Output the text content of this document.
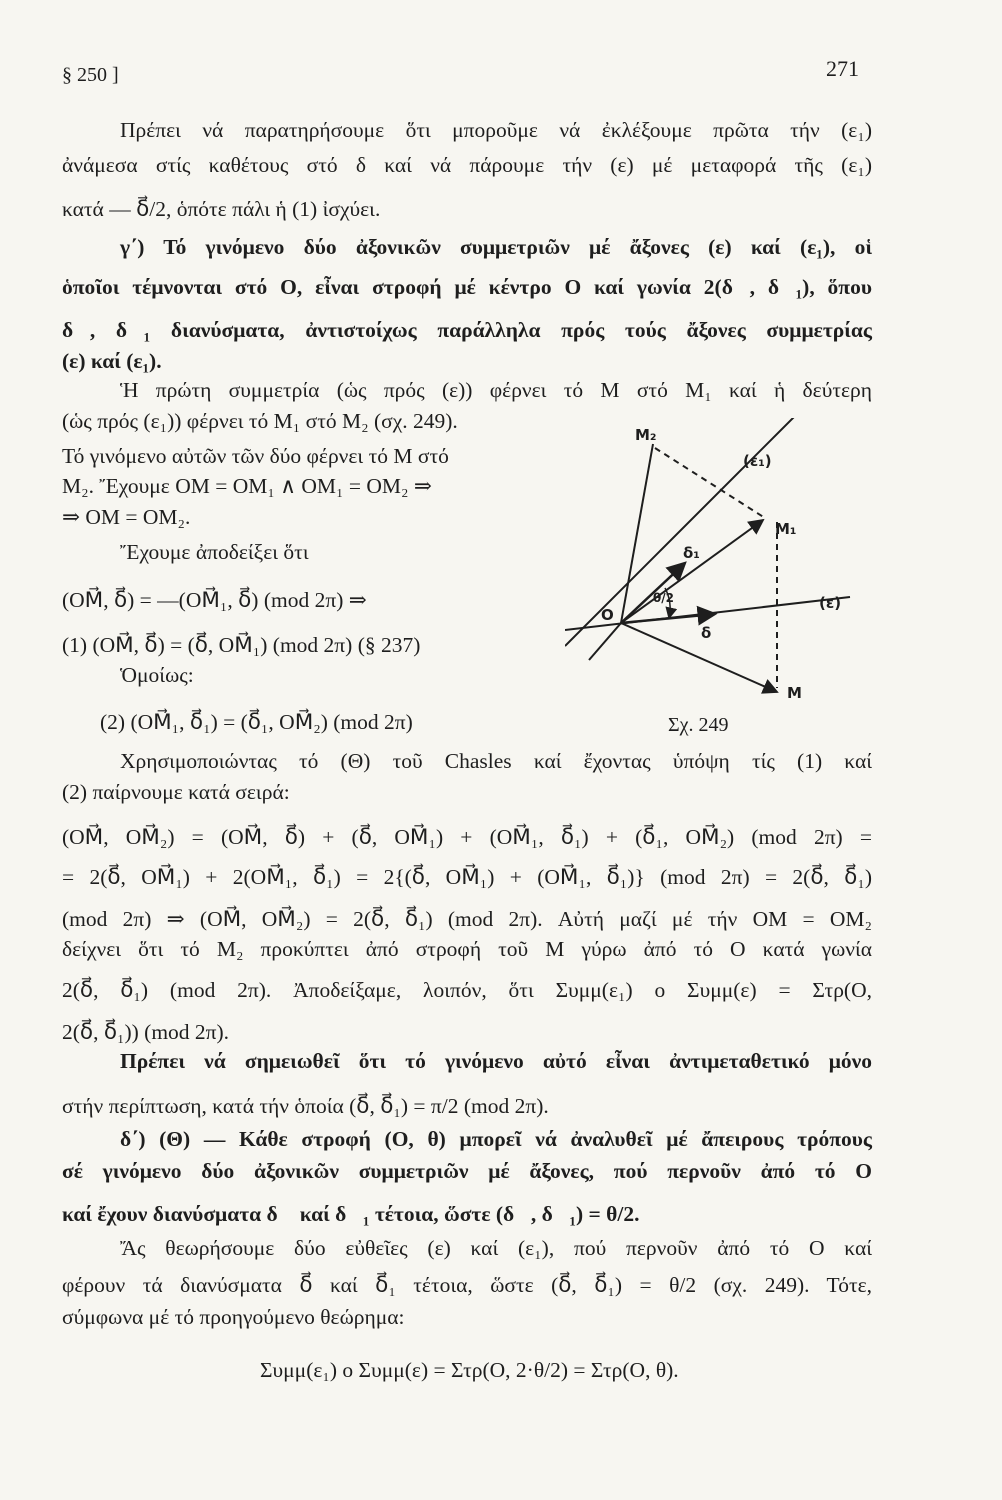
§ 250 ]	271
Πρέπει νά παρατηρήσουμε ὅτι μποροῦμε νά ἐκλέξουμε πρῶτα τήν (ε₁)
ἀνάμεσα στίς καθέτους στό δ καί νά πάρουμε τήν (ε) μέ μεταφορά τῆς (ε₁)
κατά — δ⃗/2, ὁπότε πάλι ἡ (1) ἰσχύει.
γ΄) Τό γινόμενο δύο ἀξονικῶν συμμετριῶν μέ ἄξονες (ε) καί (ε₁), οἱ
ὁποῖοι τέμνονται στό O, εἶναι στροφή μέ κέντρο O καί γωνία 2(δ⃗, δ⃗₁), ὅπου
δ⃗, δ⃗₁ διανύσματα, ἀντιστοίχως παράλληλα πρός τούς ἄξονες συμμετρίας
(ε) καί (ε₁).
Ἡ πρώτη συμμετρία (ὡς πρός (ε)) φέρνει τό M στό M₁ καί ἡ δεύτερη
(ὡς πρός (ε₁)) φέρνει τό M₁ στό M₂ (σχ. 249).
Τό γινόμενο αὐτῶν τῶν δύο φέρνει τό M στό
M₂. Ἔχουμε OM = OM₁ ∧ OM₁ = OM₂ ⇒
⇒ OM = OM₂.
Ἔχουμε ἀποδείξει ὅτι
(OM⃗, δ⃗) = —(OM⃗₁, δ⃗) (mod 2π) ⇒
(1) (OM⃗, δ⃗) = (δ⃗, OM⃗₁) (mod 2π) (§ 237)
Ὁμοίως:
(2) (OM⃗₁, δ⃗₁) = (δ⃗₁, OM⃗₂) (mod 2π)
Χρησιμοποιώντας τό (Θ) τοῦ Chasles καί ἔχοντας ὑπόψη τίς (1) καί
(2) παίρνουμε κατά σειρά:
(OM⃗, OM⃗₂) = (OM⃗, δ⃗) + (δ⃗, OM⃗₁) + (OM⃗₁, δ⃗₁) + (δ⃗₁, OM⃗₂) (mod 2π) =
= 2(δ⃗, OM⃗₁) + 2(OM⃗₁, δ⃗₁) = 2{(δ⃗, OM⃗₁) + (OM⃗₁, δ⃗₁)} (mod 2π) = 2(δ⃗, δ⃗₁)
(mod 2π) ⇒ (OM⃗, OM⃗₂) = 2(δ⃗, δ⃗₁) (mod 2π). Αὐτή μαζί μέ τήν OM = OM₂
δείχνει ὅτι τό M₂ προκύπτει ἀπό στροφή τοῦ M γύρω ἀπό τό O κατά γωνία
2(δ⃗, δ⃗₁) (mod 2π). Ἀποδείξαμε, λοιπόν, ὅτι Συμμ(ε₁) ο Συμμ(ε) = Στρ(O,
2(δ⃗, δ⃗₁)) (mod 2π).
Πρέπει νά σημειωθεῖ ὅτι τό γινόμενο αὐτό εἶναι ἀντιμεταθετικό μόνο
στήν περίπτωση, κατά τήν ὁποία (δ⃗, δ⃗₁) = π/2 (mod 2π).
δ΄) (Θ) — Κάθε στροφή (O, θ) μπορεῖ νά ἀναλυθεῖ μέ ἄπειρους τρόπους
σέ γινόμενο δύο ἀξονικῶν συμμετριῶν μέ ἄξονες, πού περνοῦν ἀπό τό O
καί ἔχουν διανύσματα δ⃗ καί δ⃗₁ τέτοια, ὥστε (δ⃗, δ⃗₁) = θ/2.
Ἄς θεωρήσουμε δύο εὐθεῖες (ε) καί (ε₁), πού περνοῦν ἀπό τό O καί
φέρουν τά διανύσματα δ⃗ καί δ⃗₁ τέτοια, ὥστε (δ⃗, δ⃗₁) = θ/2 (σχ. 249). Τότε,
σύμφωνα μέ τό προηγούμενο θεώρημα:
Συμμ(ε₁) ο Συμμ(ε) = Στρ(O, 2·θ/2) = Στρ(O, θ).
M₂
(ε₁)
M₁
δ₁
θ/2
O
(ε)
δ
M
Σχ. 249
